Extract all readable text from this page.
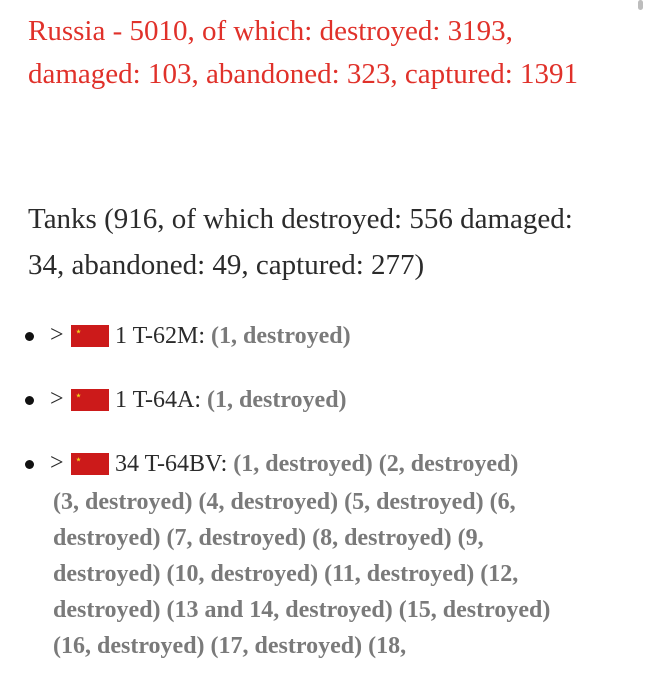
Russia - 5010, of which: destroyed: 3193,
damaged: 103, abandoned: 323, captured: 1391
Tanks (916, of which destroyed: 556 damaged:
34, abandoned: 49, captured: 277)
> 1 T-62M: (1, destroyed)
> 1 T-64A: (1, destroyed)
> 34 T-64BV: (1, destroyed) (2, destroyed)

(3, destroyed) (4, destroyed) (5, destroyed) (6, destroyed) (7, destroyed) (8, destroyed) (9, destroyed) (10, destroyed) (11, destroyed) (12, destroyed) (13 and 14, destroyed) (15, destroyed) (16, destroyed) (17, destroyed) (18,
